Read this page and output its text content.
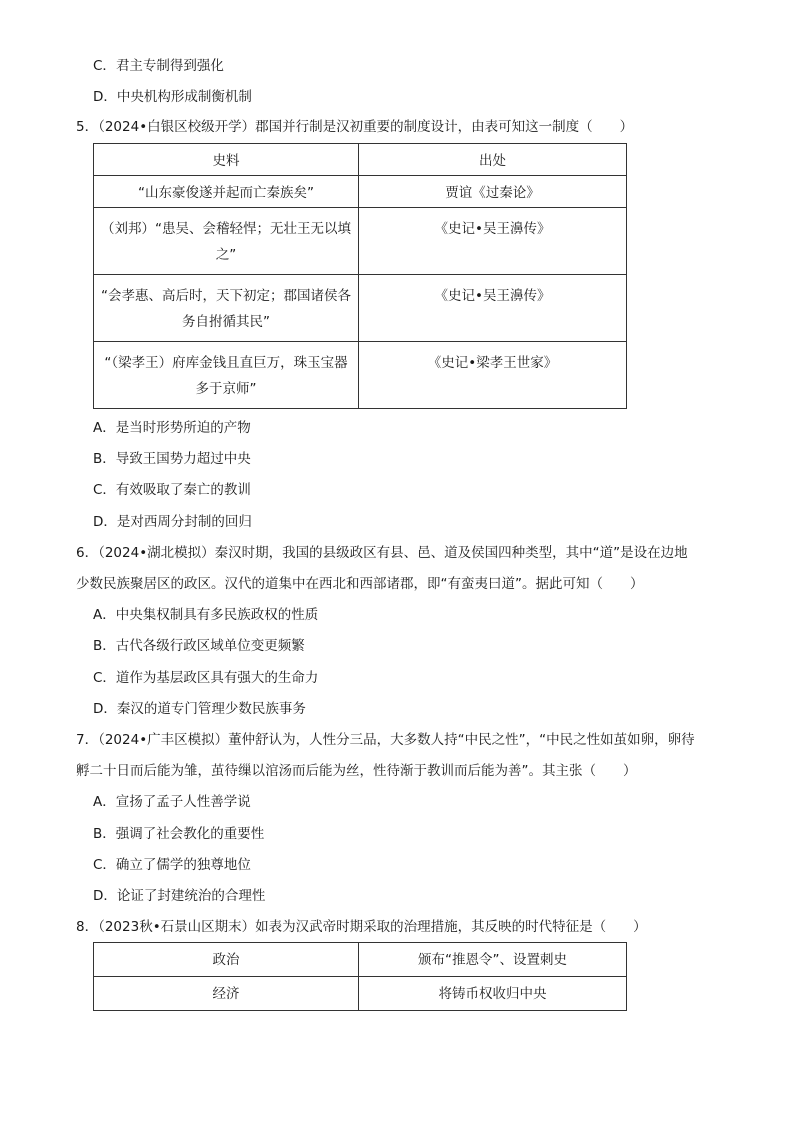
C．君主专制得到强化
D．中央机构形成制衡机制
5．（2024•白银区校级开学）郡国并行制是汉初重要的制度设计，由表可知这一制度（　　）
史料	出处
“山东豪俊遂并起而亡秦族矣”	贾谊《过秦论》

（刘邦）“患吴、会稽轻悍；无壮王无以填
之”	《史记•吴王濞传》

“会孝惠、高后时，天下初定；郡国诸侯各
务自拊循其民”	《史记•吴王濞传》

“（梁孝王）府库金钱且直巨万，珠玉宝器
多于京师”	《史记•梁孝王世家》
A．是当时形势所迫的产物
B．导致王国势力超过中央
C．有效吸取了秦亡的教训
D．是对西周分封制的回归
6．（2024•湖北模拟）秦汉时期，我国的县级政区有县、邑、道及侯国四种类型，其中“道”是设在边地
少数民族聚居区的政区。汉代的道集中在西北和西部诸郡，即“有蛮夷曰道”。据此可知（　　）
A．中央集权制具有多民族政权的性质
B．古代各级行政区域单位变更频繁
C．道作为基层政区具有强大的生命力
D．秦汉的道专门管理少数民族事务
7．（2024•广丰区模拟）董仲舒认为，人性分三品，大多数人持“中民之性”，“中民之性如茧如卵，卵待
孵二十日而后能为雏，茧待缫以涫汤而后能为丝，性待渐于教训而后能为善”。其主张（　　）
A．宣扬了孟子人性善学说
B．强调了社会教化的重要性
C．确立了儒学的独尊地位
D．论证了封建统治的合理性
8．（2023秋•石景山区期末）如表为汉武帝时期采取的治理措施，其反映的时代特征是（　　）
政治	颁布“推恩令”、设置刺史
经济	将铸币权收归中央
